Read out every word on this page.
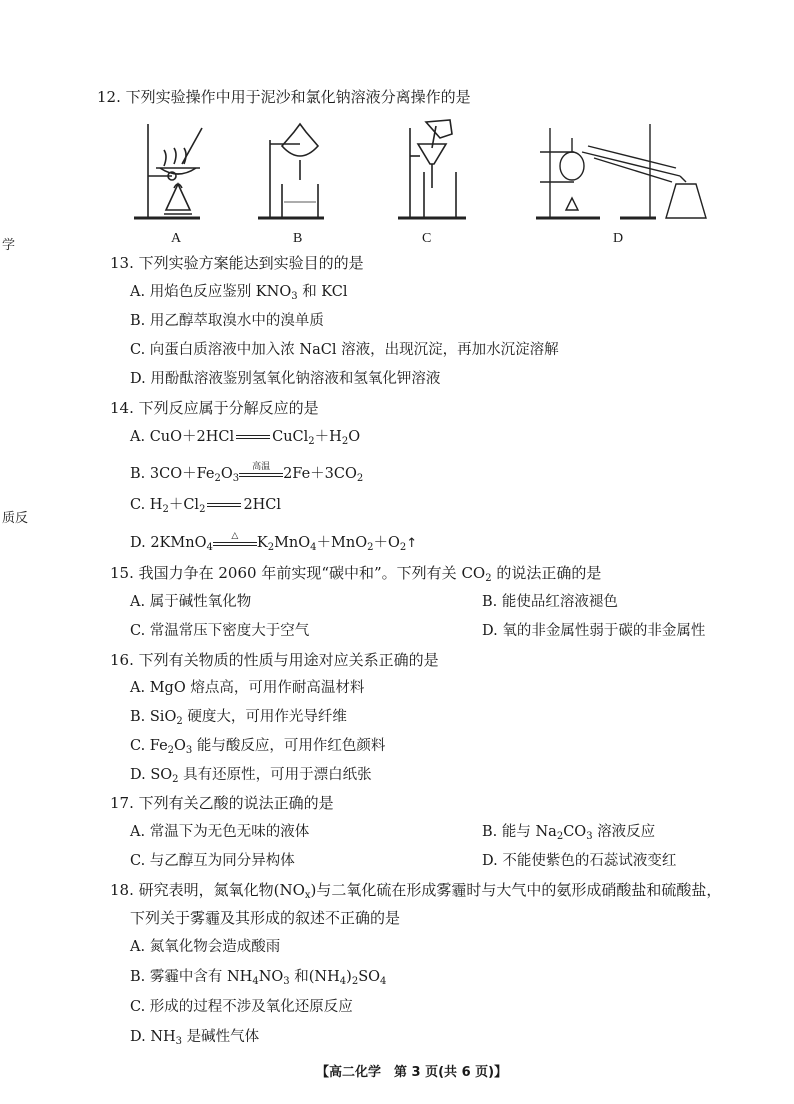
学
质反
12. 下列实验操作中用于泥沙和氯化钠溶液分离操作的是
A	B	C	D
13. 下列实验方案能达到实验目的的是
A. 用焰色反应鉴别 $KNO_3$ 和 KCl
B. 用乙醇萃取溴水中的溴单质
C. 向蛋白质溶液中加入浓 NaCl 溶液，出现沉淀，再加水沉淀溶解
D. 用酚酞溶液鉴别氢氧化钠溶液和氢氧化钾溶液
14. 下列反应属于分解反应的是
A. CuO＋2HCl	$CuCl_2+H_2O$
B. $3CO+Fe_2O_3$
高温 $2Fe+3CO_2$
C. $H_2+Cl_2$	2HCl
D. 2KMnO$_4$
△	$K_2MnO_4+MnO_2+O_2↑$
15. 我国力争在 2060 年前实现“碳中和”。下列有关 $CO_2$ 的说法正确的是
A. 属于碱性氧化物	B. 能使品红溶液褪色
C. 常温常压下密度大于空气	D. 氧的非金属性弱于碳的非金属性
16. 下列有关物质的性质与用途对应关系正确的是
A. MgO 熔点高，可用作耐高温材料
B. SiO$_2$ 硬度大，可用作光导纤维
C. $Fe_2O_3$ 能与酸反应，可用作红色颜料
D. $SO_2$ 具有还原性，可用于漂白纸张
17. 下列有关乙酸的说法正确的是
A. 常温下为无色无味的液体	B. 能与 $Na_2CO_3$ 溶液反应
C. 与乙醇互为同分异构体	D. 不能使紫色的石蕊试液变红
18. 研究表明，氮氧化物$(NO_x)$与二氧化硫在形成雾霾时与大气中的氨形成硝酸盐和硫酸盐，
下列关于雾霾及其形成的叙述不正确的是
A. 氮氧化物会造成酸雨
B. 雾霾中含有 $NH_4NO_3$ 和$(NH_4)_2SO_4$
C. 形成的过程不涉及氧化还原反应
D. $NH_3$ 是碱性气体
【高二化学　第 3 页(共 6 页)】
